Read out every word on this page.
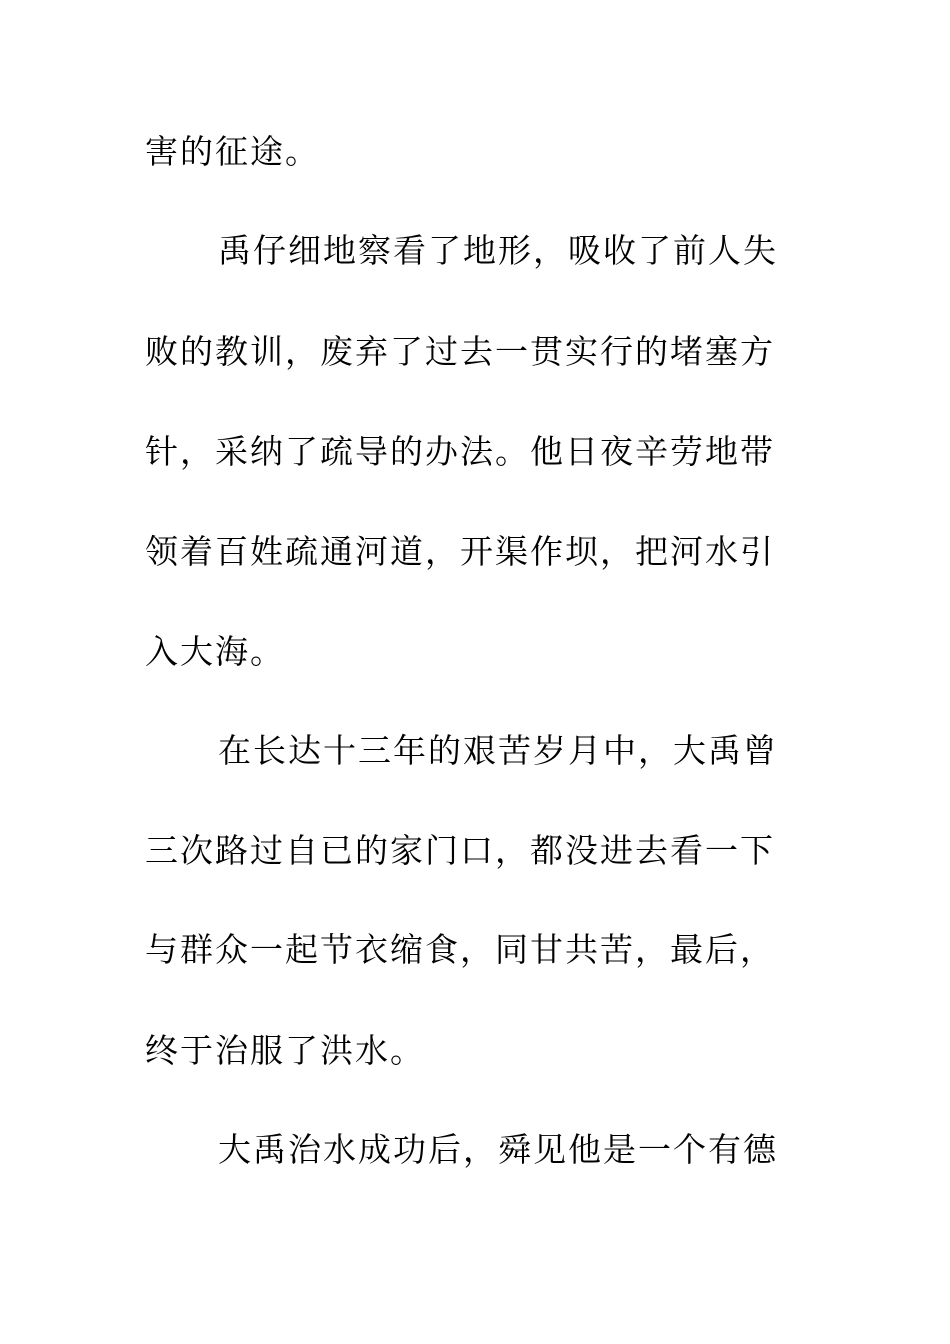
害的征途。
禹仔细地察看了地形，吸收了前人失
败的教训，废弃了过去一贯实行的堵塞方
针，采纳了疏导的办法。他日夜辛劳地带
领着百姓疏通河道，开渠作坝，把河水引
入大海。
在长达十三年的艰苦岁月中，大禹曾
三次路过自已的家门口，都没进去看一下
与群众一起节衣缩食，同甘共苦，最后，
终于治服了洪水。
大禹治水成功后，舜见他是一个有德
